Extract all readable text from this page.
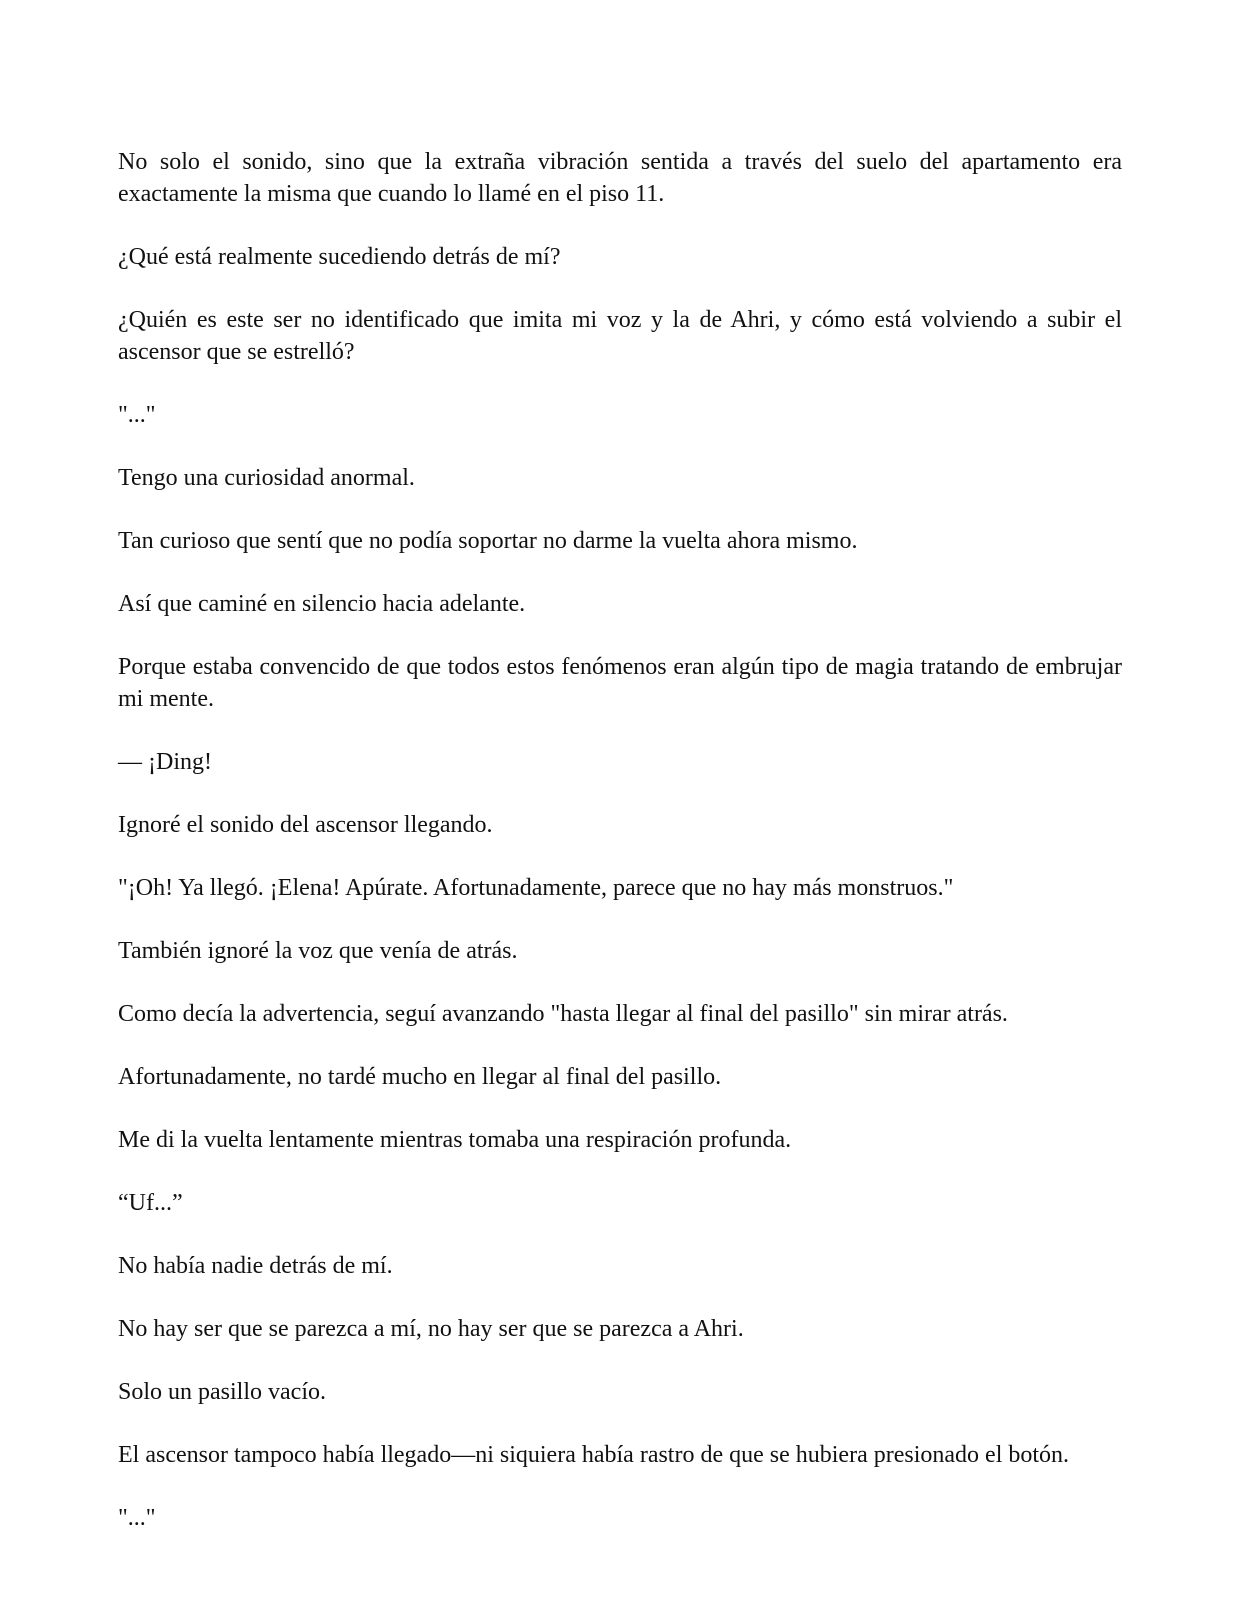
No solo el sonido, sino que la extraña vibración sentida a través del suelo del apartamento era exactamente la misma que cuando lo llamé en el piso 11.

¿Qué está realmente sucediendo detrás de mí?

¿Quién es este ser no identificado que imita mi voz y la de Ahri, y cómo está volviendo a subir el ascensor que se estrelló?

"..."

Tengo una curiosidad anormal.

Tan curioso que sentí que no podía soportar no darme la vuelta ahora mismo.

Así que caminé en silencio hacia adelante.

Porque estaba convencido de que todos estos fenómenos eran algún tipo de magia tratando de embrujar mi mente.

— ¡Ding!

Ignoré el sonido del ascensor llegando.

"¡Oh! Ya llegó. ¡Elena! Apúrate. Afortunadamente, parece que no hay más monstruos."

También ignoré la voz que venía de atrás.

Como decía la advertencia, seguí avanzando "hasta llegar al final del pasillo" sin mirar atrás.

Afortunadamente, no tardé mucho en llegar al final del pasillo.

Me di la vuelta lentamente mientras tomaba una respiración profunda.

“Uf...”

No había nadie detrás de mí.

No hay ser que se parezca a mí, no hay ser que se parezca a Ahri.

Solo un pasillo vacío.

El ascensor tampoco había llegado—ni siquiera había rastro de que se hubiera presionado el botón.

"..."
